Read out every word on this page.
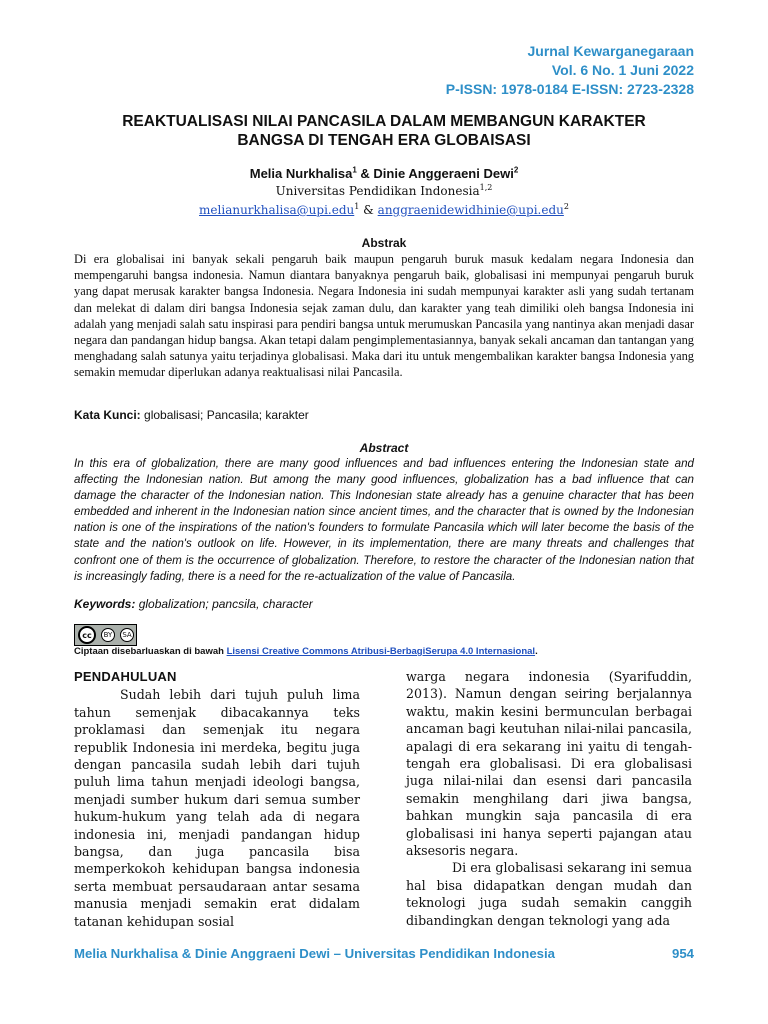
Jurnal Kewarganegaraan
Vol. 6 No. 1 Juni 2022
P-ISSN: 1978-0184 E-ISSN: 2723-2328
REAKTUALISASI NILAI PANCASILA DALAM MEMBANGUN KARAKTER
BANGSA DI TENGAH ERA GLOBAISASI
Melia Nurkhalisa$^1$ & Dinie Anggeraeni Dewi$^2$
Universitas Pendidikan Indonesia$^{1,2}$
melianurkhalisa@upi.edu$^1$ & anggraenidewidhinie@upi.edu$^2$
Abstrak
Di era globalisai ini banyak sekali pengaruh baik maupun pengaruh buruk masuk kedalam negara Indonesia dan mempengaruhi bangsa indonesia. Namun diantara banyaknya pengaruh baik, globalisasi ini mempunyai pengaruh buruk yang dapat merusak karakter bangsa Indonesia. Negara Indonesia ini sudah mempunyai karakter asli yang sudah tertanam dan melekat di dalam diri bangsa Indonesia sejak zaman dulu, dan karakter yang teah dimiliki oleh bangsa Indonesia ini adalah yang menjadi salah satu inspirasi para pendiri bangsa untuk merumuskan Pancasila yang nantinya akan menjadi dasar negara dan pandangan hidup bangsa. Akan tetapi dalam pengimplementasiannya, banyak sekali ancaman dan tantangan yang menghadang salah satunya yaitu terjadinya globalisasi. Maka dari itu untuk mengembalikan karakter bangsa Indonesia yang semakin memudar diperlukan adanya reaktualisasi nilai Pancasila.
Kata Kunci: globalisasi; Pancasila; karakter
Abstract
In this era of globalization, there are many good influences and bad influences entering the Indonesian state and affecting the Indonesian nation. But among the many good influences, globalization has a bad influence that can damage the character of the Indonesian nation. This Indonesian state already has a genuine character that has been embedded and inherent in the Indonesian nation since ancient times, and the character that is owned by the Indonesian nation is one of the inspirations of the nation's founders to formulate Pancasila which will later become the basis of the state and the nation's outlook on life. However, in its implementation, there are many threats and challenges that confront one of them is the occurrence of globalization. Therefore, to restore the character of the Indonesian nation that is increasingly fading, there is a need for the re-actualization of the value of Pancasila.
Keywords: globalization; pancsila, character
cc	BY	SA
Ciptaan disebarluaskan di bawah Lisensi Creative Commons Atribusi-BerbagiSerupa 4.0 Internasional.
PENDAHULUAN

Sudah lebih dari tujuh puluh lima tahun semenjak dibacakannya teks proklamasi dan semenjak itu negara republik Indonesia ini merdeka, begitu juga dengan pancasila sudah lebih dari tujuh puluh lima tahun menjadi ideologi bangsa, menjadi sumber hukum dari semua sumber hukum-hukum yang telah ada di negara indonesia ini, menjadi pandangan hidup bangsa, dan juga pancasila bisa memperkokoh kehidupan bangsa indonesia serta membuat persaudaraan antar sesama manusia menjadi semakin erat didalam tatanan kehidupan sosial

warga negara indonesia (Syarifuddin, 2013). Namun dengan seiring berjalannya waktu, makin kesini bermunculan berbagai ancaman bagi keutuhan nilai-nilai pancasila, apalagi di era sekarang ini yaitu di tengah-tengah era globalisasi. Di era globalisasi juga nilai-nilai dan esensi dari pancasila semakin menghilang dari jiwa bangsa, bahkan mungkin saja pancasila di era globalisasi ini hanya seperti pajangan atau aksesoris negara.

Di era globalisasi sekarang ini semua hal bisa didapatkan dengan mudah dan teknologi juga sudah semakin canggih dibandingkan dengan teknologi yang ada

Melia Nurkhalisa & Dinie Anggraeni Dewi – Universitas Pendidikan Indonesia	954
